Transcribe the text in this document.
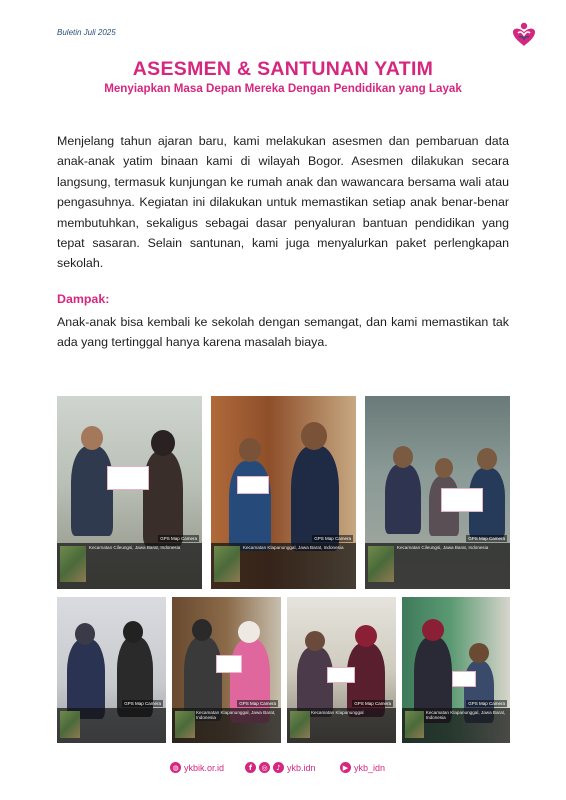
Buletin Juli 2025
ASESMEN & SANTUNAN YATIM
Menyiapkan Masa Depan Mereka Dengan Pendidikan yang Layak
Menjelang tahun ajaran baru, kami melakukan asesmen dan pembaruan data anak-anak yatim binaan kami di wilayah Bogor. Asesmen dilakukan secara langsung, termasuk kunjungan ke rumah anak dan wawancara bersama wali atau pengasuhnya. Kegiatan ini dilakukan untuk memastikan setiap anak benar-benar membutuhkan, sekaligus sebagai dasar penyaluran bantuan pendidikan yang tepat sasaran. Selain santunan, kami juga menyalurkan paket perlengkapan sekolah.
Dampak:
Anak-anak bisa kembali ke sekolah dengan semangat, dan kami memastikan tak ada yang tertinggal hanya karena masalah biaya.
GPS Map Camera
Kecamatan Cileungsi, Jawa Barat, Indonesia
GPS Map Camera
Kecamatan Klapanunggal, Jawa Barat, Indonesia
GPS Map Camera
Kecamatan Cileungsi, Jawa Barat, Indonesia
GPS Map Camera	GPS Map Camera
Kecamatan Klapanunggal, Jawa Barat, Indonesia
GPS Map Camera
Kecamatan Klapanunggal
GPS Map Camera
Kecamatan Klapanunggal, Jawa Barat, Indonesia
◍ ykbik.or.id	f	◎	♪ ykb.idn	▶ ykb_idn
